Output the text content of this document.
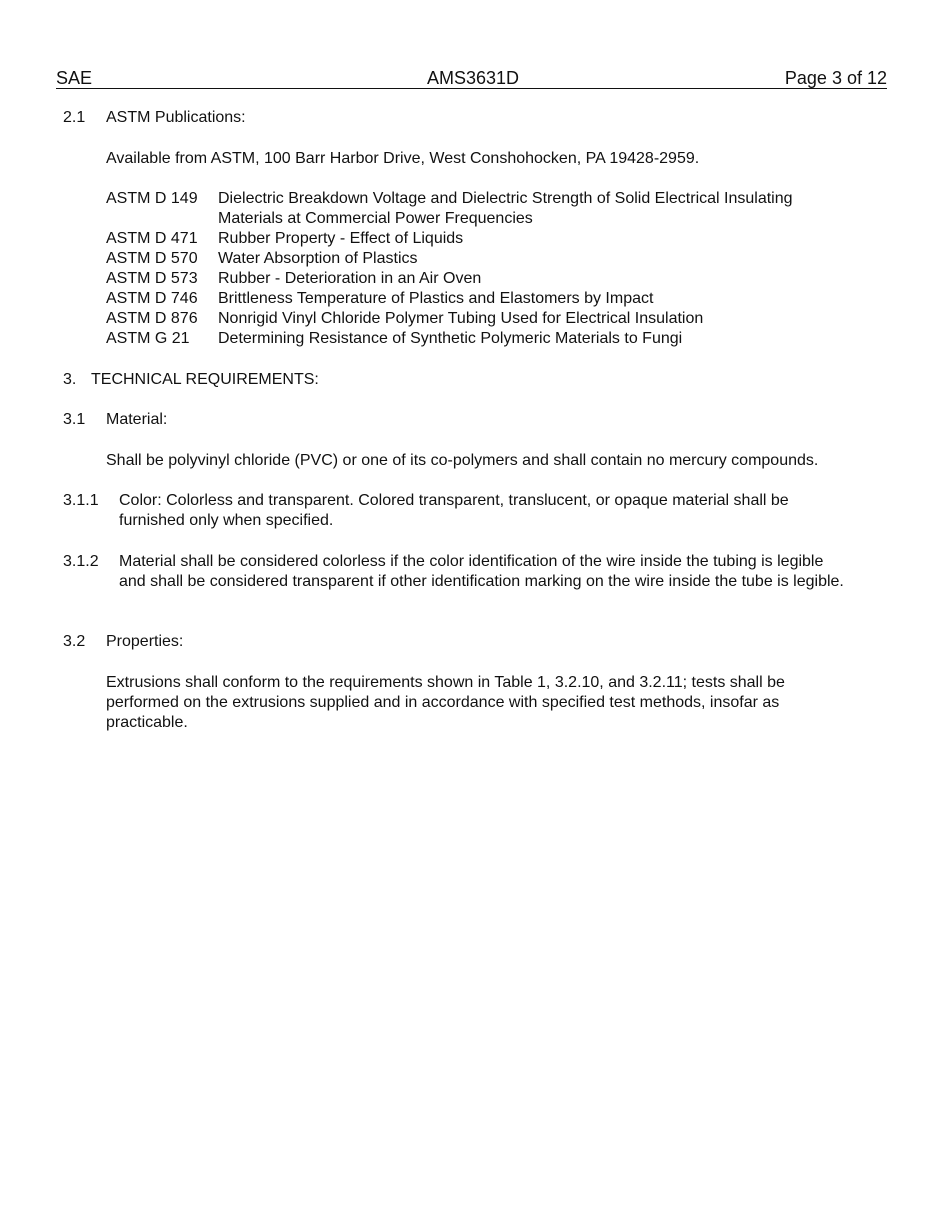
SAE	AMS3631D	Page 3 of 12
2.1 ASTM Publications:
Available from ASTM, 100 Barr Harbor Drive, West Conshohocken, PA 19428-2959.
ASTM D 149 Dielectric Breakdown Voltage and Dielectric Strength of Solid Electrical Insulating Materials at Commercial Power Frequencies
ASTM D 471 Rubber Property - Effect of Liquids
ASTM D 570 Water Absorption of Plastics
ASTM D 573 Rubber - Deterioration in an Air Oven
ASTM D 746 Brittleness Temperature of Plastics and Elastomers by Impact
ASTM D 876 Nonrigid Vinyl Chloride Polymer Tubing Used for Electrical Insulation
ASTM G 21 Determining Resistance of Synthetic Polymeric Materials to Fungi
3. TECHNICAL REQUIREMENTS:
3.1 Material:
Shall be polyvinyl chloride (PVC) or one of its co-polymers and shall contain no mercury compounds.
3.1.1 Color: Colorless and transparent. Colored transparent, translucent, or opaque material shall be furnished only when specified.
3.1.2 Material shall be considered colorless if the color identification of the wire inside the tubing is legible and shall be considered transparent if other identification marking on the wire inside the tube is legible.
3.2 Properties:
Extrusions shall conform to the requirements shown in Table 1, 3.2.10, and 3.2.11; tests shall be performed on the extrusions supplied and in accordance with specified test methods, insofar as practicable.
